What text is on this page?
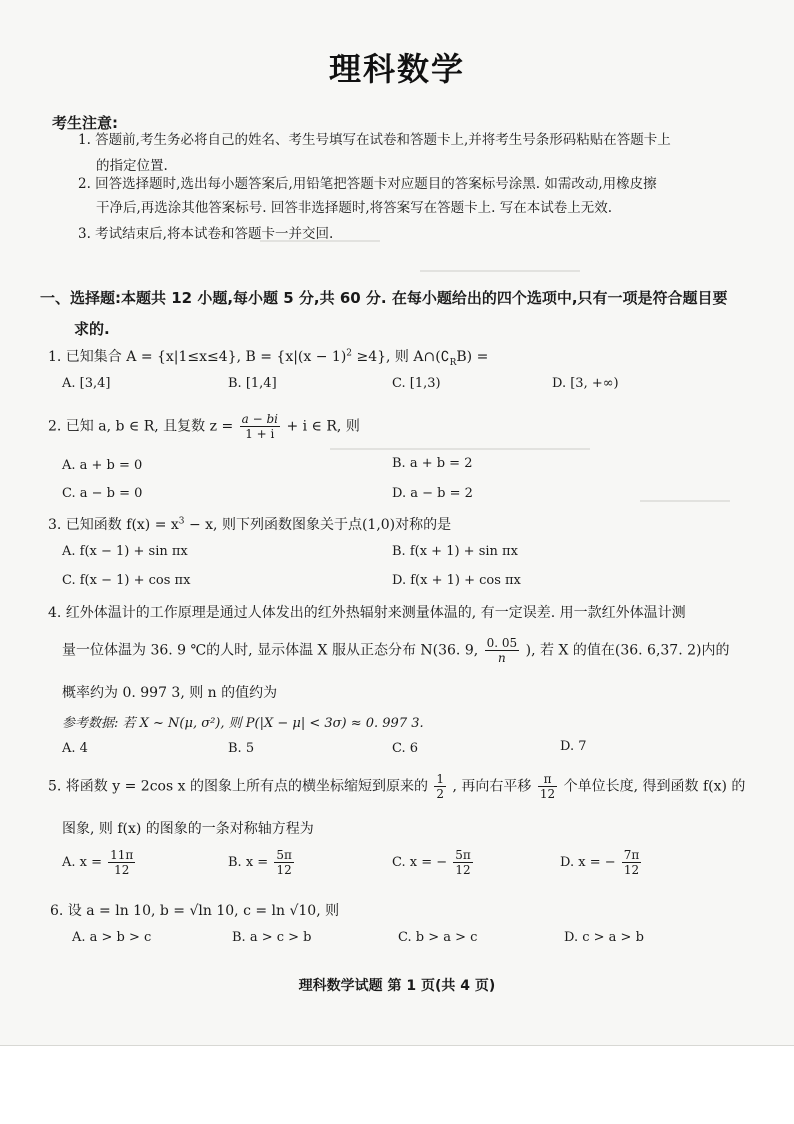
理科数学
考生注意:
1. 答题前,考生务必将自己的姓名、考生号填写在试卷和答题卡上,并将考生号条形码粘贴在答题卡上
的指定位置.
2. 回答选择题时,选出每小题答案后,用铅笔把答题卡对应题目的答案标号涂黑. 如需改动,用橡皮擦
干净后,再选涂其他答案标号. 回答非选择题时,将答案写在答题卡上. 写在本试卷上无效.
3. 考试结束后,将本试卷和答题卡一并交回.
一、选择题:本题共 12 小题,每小题 5 分,共 60 分. 在每小题给出的四个选项中,只有一项是符合题目要
求的.
1. 已知集合 A = {x|1≤x≤4}, $B = \{x|(x - 1)^2 \ge 4\}$, 则 $A\cap(∁_RB)$ =
A. [3,4]	B. [1,4]	C. [1,3)	D. [3, +∞)
2. 已知 a, b ∈ R, 且复数 $z = \frac{a - bi}{1 + i} + i$ ∈ R, 则
A. a + b = 0	B. a + b = 2
C. a − b = 0	D. a − b = 2
3. 已知函数 $f(x) = x^3 - x$, 则下列函数图象关于点(1,0)对称的是
A. f(x − 1) + sin πx	B. f(x + 1) + sin πx
C. f(x − 1) + cos πx	D. f(x + 1) + cos πx
4. 红外体温计的工作原理是通过人体发出的红外热辐射来测量体温的, 有一定误差. 用一款红外体温计测
量一位体温为 36. 9 ℃的人时, 显示体温 X 服从正态分布 N(36. 9, $\frac{0. 05}{n}$ ), 若 X 的值在(36. 6,37. 2)内的
概率约为 0. 997 3, 则 n 的值约为
参考数据: 若 X ~ N(μ, σ²), 则 P(|X − μ| < 3σ) ≈ 0. 997 3.
A. 4	B. 5	C. 6	D. 7
5. 将函数 y = 2cos x 的图象上所有点的横坐标缩短到原来的 $\frac{1}{2}$ , 再向右平移 $\frac{\pi}{12}$ 个单位长度, 得到函数 f(x) 的
图象, 则 f(x) 的图象的一条对称轴方程为
A. $x = \frac{11\pi}{12}$	B. $x = \frac{5\pi}{12}$	C. x = − $\frac{5\pi}{12}$	D. x = − $\frac{7\pi}{12}$
6. 设 a = ln 10, b = √ln 10, c = ln √10, 则
A. a > b > c	B. a > c > b	C. b > a > c	D. c > a > b
理科数学试题 第 1 页(共 4 页)
